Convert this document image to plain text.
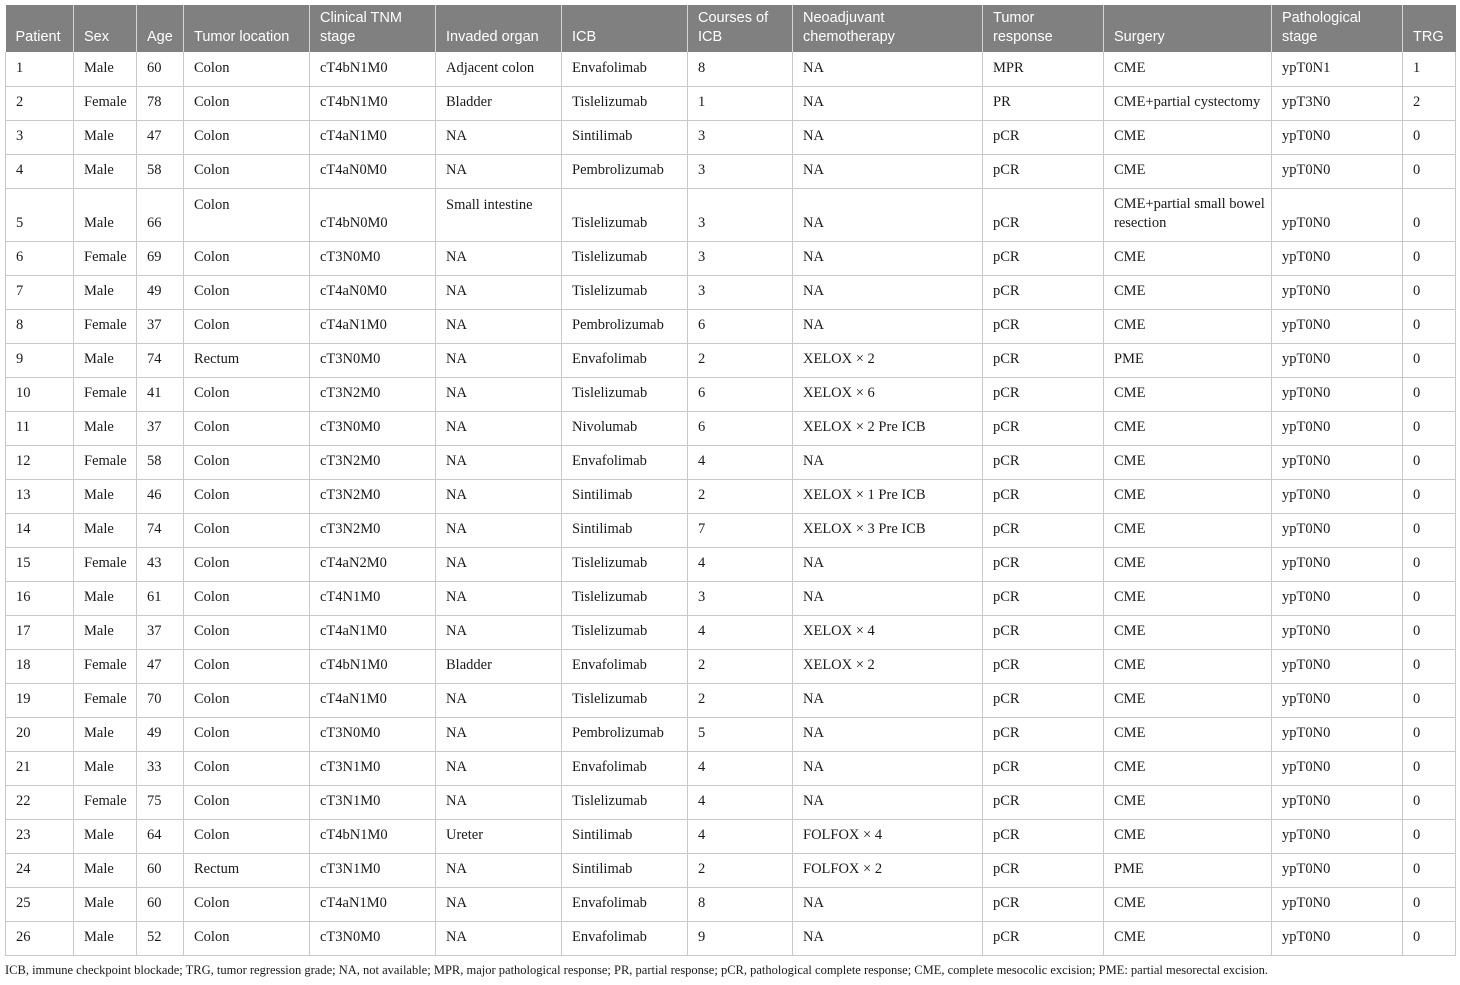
Patient	Sex	Age	Tumor location	Clinical TNM stage	Invaded organ	ICB	Courses of ICB	Neoadjuvant chemotherapy	Tumor response	Surgery	Pathological stage	TRG
1	Male	60	Colon	cT4bN1M0	Adjacent colon	Envafolimab	8	NA	MPR	CME	ypT0N1	1
2	Female	78	Colon	cT4bN1M0	Bladder	Tislelizumab	1	NA	PR	CME+partial cystectomy	ypT3N0	2
3	Male	47	Colon	cT4aN1M0	NA	Sintilimab	3	NA	pCR	CME	ypT0N0	0
4	Male	58	Colon	cT4aN0M0	NA	Pembrolizumab	3	NA	pCR	CME	ypT0N0	0
5	Male	66	Colon	cT4bN0M0	Small intestine	Tislelizumab	3	NA	pCR	CME+partial small bowel resection	ypT0N0	0
6	Female	69	Colon	cT3N0M0	NA	Tislelizumab	3	NA	pCR	CME	ypT0N0	0
7	Male	49	Colon	cT4aN0M0	NA	Tislelizumab	3	NA	pCR	CME	ypT0N0	0
8	Female	37	Colon	cT4aN1M0	NA	Pembrolizumab	6	NA	pCR	CME	ypT0N0	0
9	Male	74	Rectum	cT3N0M0	NA	Envafolimab	2	XELOX × 2	pCR	PME	ypT0N0	0
10	Female	41	Colon	cT3N2M0	NA	Tislelizumab	6	XELOX × 6	pCR	CME	ypT0N0	0
11	Male	37	Colon	cT3N0M0	NA	Nivolumab	6	XELOX × 2 Pre ICB	pCR	CME	ypT0N0	0
12	Female	58	Colon	cT3N2M0	NA	Envafolimab	4	NA	pCR	CME	ypT0N0	0
13	Male	46	Colon	cT3N2M0	NA	Sintilimab	2	XELOX × 1 Pre ICB	pCR	CME	ypT0N0	0
14	Male	74	Colon	cT3N2M0	NA	Sintilimab	7	XELOX × 3 Pre ICB	pCR	CME	ypT0N0	0
15	Female	43	Colon	cT4aN2M0	NA	Tislelizumab	4	NA	pCR	CME	ypT0N0	0
16	Male	61	Colon	cT4N1M0	NA	Tislelizumab	3	NA	pCR	CME	ypT0N0	0
17	Male	37	Colon	cT4aN1M0	NA	Tislelizumab	4	XELOX × 4	pCR	CME	ypT0N0	0
18	Female	47	Colon	cT4bN1M0	Bladder	Envafolimab	2	XELOX × 2	pCR	CME	ypT0N0	0
19	Female	70	Colon	cT4aN1M0	NA	Tislelizumab	2	NA	pCR	CME	ypT0N0	0
20	Male	49	Colon	cT3N0M0	NA	Pembrolizumab	5	NA	pCR	CME	ypT0N0	0
21	Male	33	Colon	cT3N1M0	NA	Envafolimab	4	NA	pCR	CME	ypT0N0	0
22	Female	75	Colon	cT3N1M0	NA	Tislelizumab	4	NA	pCR	CME	ypT0N0	0
23	Male	64	Colon	cT4bN1M0	Ureter	Sintilimab	4	FOLFOX × 4	pCR	CME	ypT0N0	0
24	Male	60	Rectum	cT3N1M0	NA	Sintilimab	2	FOLFOX × 2	pCR	PME	ypT0N0	0
25	Male	60	Colon	cT4aN1M0	NA	Envafolimab	8	NA	pCR	CME	ypT0N0	0
26	Male	52	Colon	cT3N0M0	NA	Envafolimab	9	NA	pCR	CME	ypT0N0	0
ICB, immune checkpoint blockade; TRG, tumor regression grade; NA, not available; MPR, major pathological response; PR, partial response; pCR, pathological complete response; CME, complete mesocolic excision; PME: partial mesorectal excision.
